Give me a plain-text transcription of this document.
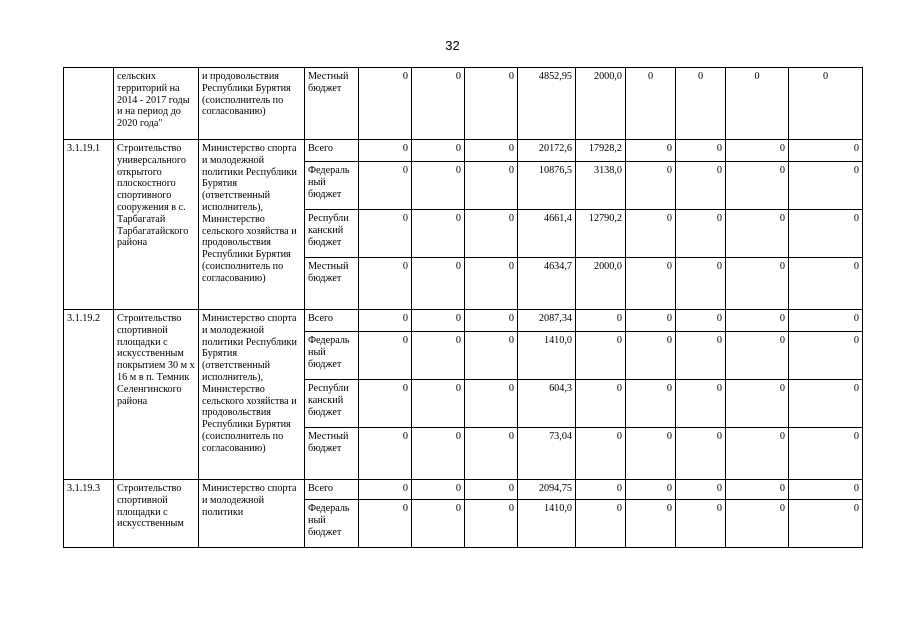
32
	сельских территорий на 2014 - 2017 годы и на период до 2020 года"	и продовольствия Республики Бурятия (соисполнитель по согласованию)	Местный бюджет	0	0	0	4852,95	2000,0	0	0	0	0
3.1.19.1	Строительство универсального открытого плоскостного спортивного сооружения в с. Тарбагатай Тарбагатайского района	Министерство спорта и молодежной политики Республики Бурятия (ответственный исполнитель), Министерство сельского хозяйства и продовольствия Республики Бурятия (соисполнитель по согласованию)	Всего	0	0	0	20172,6	17928,2	0	0	0	0
			Федераль ный бюджет	0	0	0	10876,5	3138,0	0	0	0	0
			Республи канский бюджет	0	0	0	4661,4	12790,2	0	0	0	0
			Местный бюджет	0	0	0	4634,7	2000,0	0	0	0	0
3.1.19.2	Строительство спортивной площадки с искусственным покрытием 30 м х 16 м в п. Темник Селенгинского района	Министерство спорта и молодежной политики Республики Бурятия (ответственный исполнитель), Министерство сельского хозяйства и продовольствия Республики Бурятия (соисполнитель по согласованию)	Всего	0	0	0	2087,34	0	0	0	0	0
			Федераль ный бюджет	0	0	0	1410,0	0	0	0	0	0
			Республи канский бюджет	0	0	0	604,3	0	0	0	0	0
			Местный бюджет	0	0	0	73,04	0	0	0	0	0
3.1.19.3	Строительство спортивной площадки с искусственным	Министерство спорта и молодежной политики	Всего	0	0	0	2094,75	0	0	0	0	0
			Федераль ный бюджет	0	0	0	1410,0	0	0	0	0	0
